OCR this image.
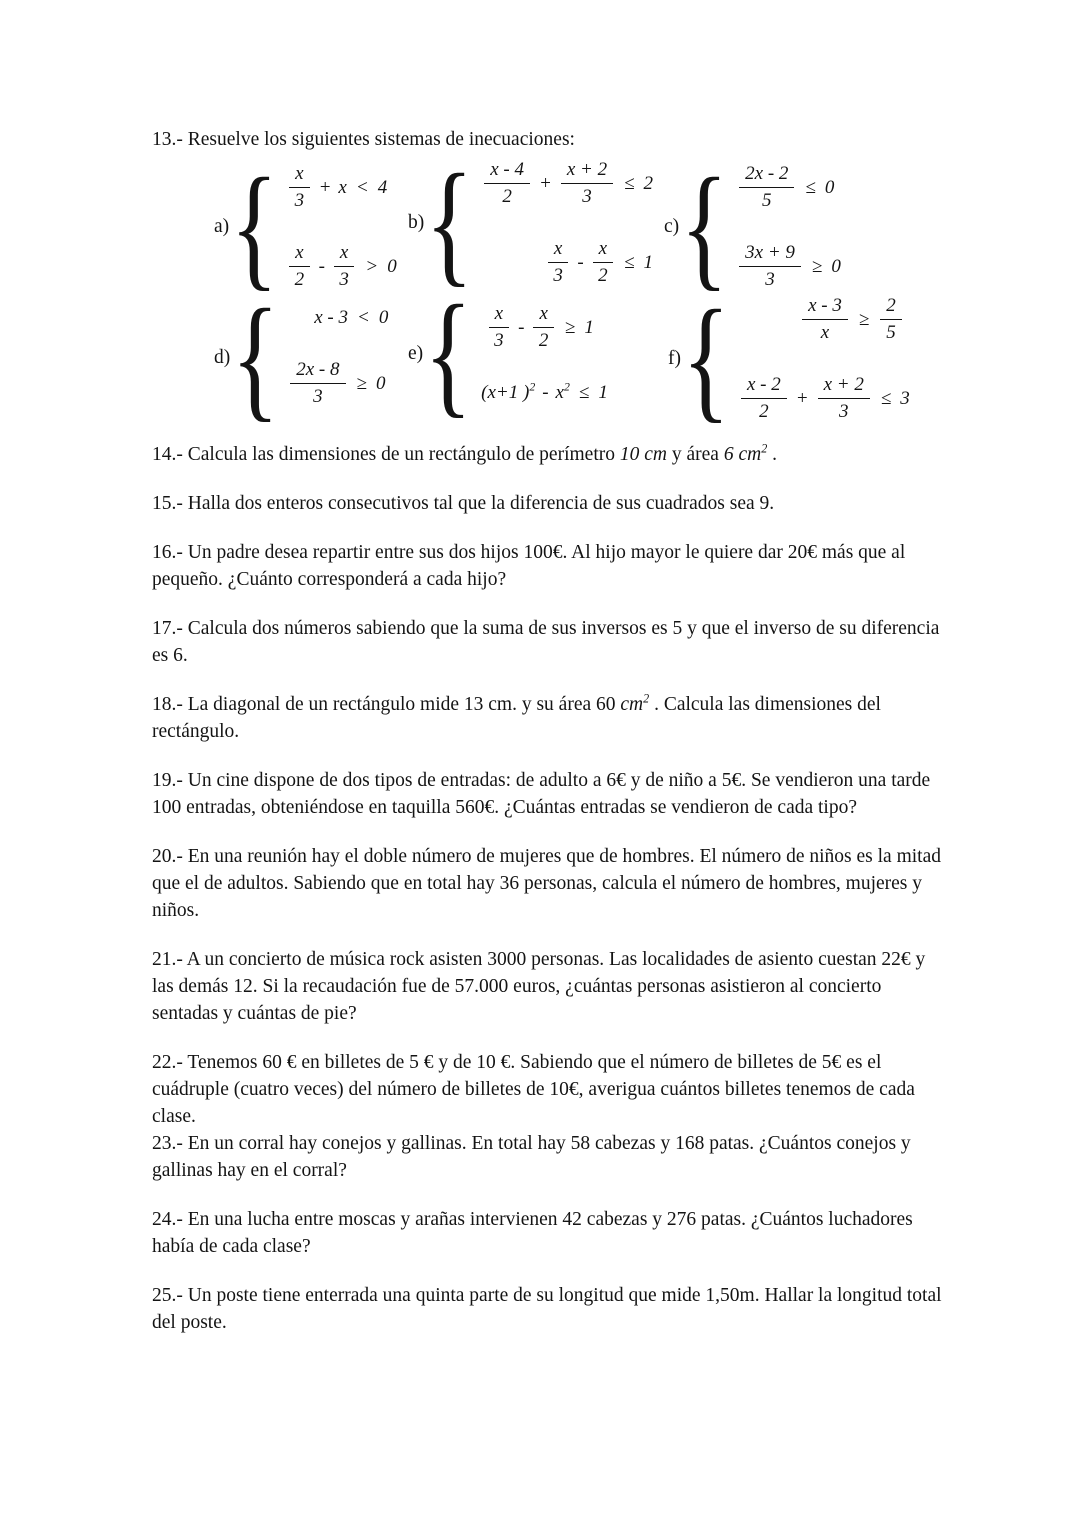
13.- Resuelve los siguientes sistemas de inecuaciones:
a) { $\frac{x}{3} + x < 4$
$\frac{x}{2} - \frac{x}{3} > 0$
b) { $\frac{x - 4}{2} + \frac{x + 2}{3} \le 2$
$\frac{x}{3} - \frac{x}{2} \le 1$
c) { $\frac{2x - 2}{5} \le 0$
$\frac{3x + 9}{3} \ge 0$
d) { x - 3 < 0
$\frac{2x - 8}{3} \ge 0$
e) { $\frac{x}{3} - \frac{x}{2} \ge 1$
(x+1 )$^2 - x^2 \le 1$
f) {	$\frac{x - 3}{x} \ge \frac{2}{5}$
$\frac{x - 2}{2} + \frac{x + 2}{3} \le 3$
14.- Calcula las dimensiones de un rectángulo de perímetro 10 cm y área 6 $cm^2$ .
15.- Halla dos enteros consecutivos tal que la diferencia de sus cuadrados sea 9.
16.- Un padre desea repartir entre sus dos hijos 100€. Al hijo mayor le quiere dar 20€ más que al pequeño. ¿Cuánto corresponderá a cada hijo?
17.- Calcula dos números sabiendo que la suma de sus inversos es 5 y que el inverso de su diferencia es 6.
18.- La diagonal de un rectángulo mide 13 cm. y su área 60 $cm^2$ . Calcula las dimensiones del rectángulo.
19.- Un cine dispone de dos tipos de entradas: de adulto a 6€ y de niño a 5€. Se vendieron una tarde 100 entradas, obteniéndose en taquilla 560€. ¿Cuántas entradas se vendieron de cada tipo?
20.- En una reunión hay el doble número de mujeres que de hombres. El número de niños es la mitad que el de adultos. Sabiendo que en total hay 36 personas, calcula el número de hombres, mujeres y niños.
21.- A un concierto de música rock asisten 3000 personas. Las localidades de asiento cuestan 22€ y las demás 12. Si la recaudación fue de 57.000 euros, ¿cuántas personas asistieron al concierto sentadas y cuántas de pie?
22.- Tenemos 60 € en billetes de 5 € y de 10 €. Sabiendo que el número de billetes de 5€ es el cuádruple (cuatro veces) del número de billetes de 10€, averigua cuántos billetes tenemos de cada clase.
23.- En un corral hay conejos y gallinas. En total hay 58 cabezas y 168 patas. ¿Cuántos conejos y gallinas hay en el corral?
24.- En una lucha entre moscas y arañas intervienen 42 cabezas y 276 patas. ¿Cuántos luchadores había de cada clase?
25.- Un poste tiene enterrada una quinta parte de su longitud que mide 1,50m. Hallar la longitud total del poste.
